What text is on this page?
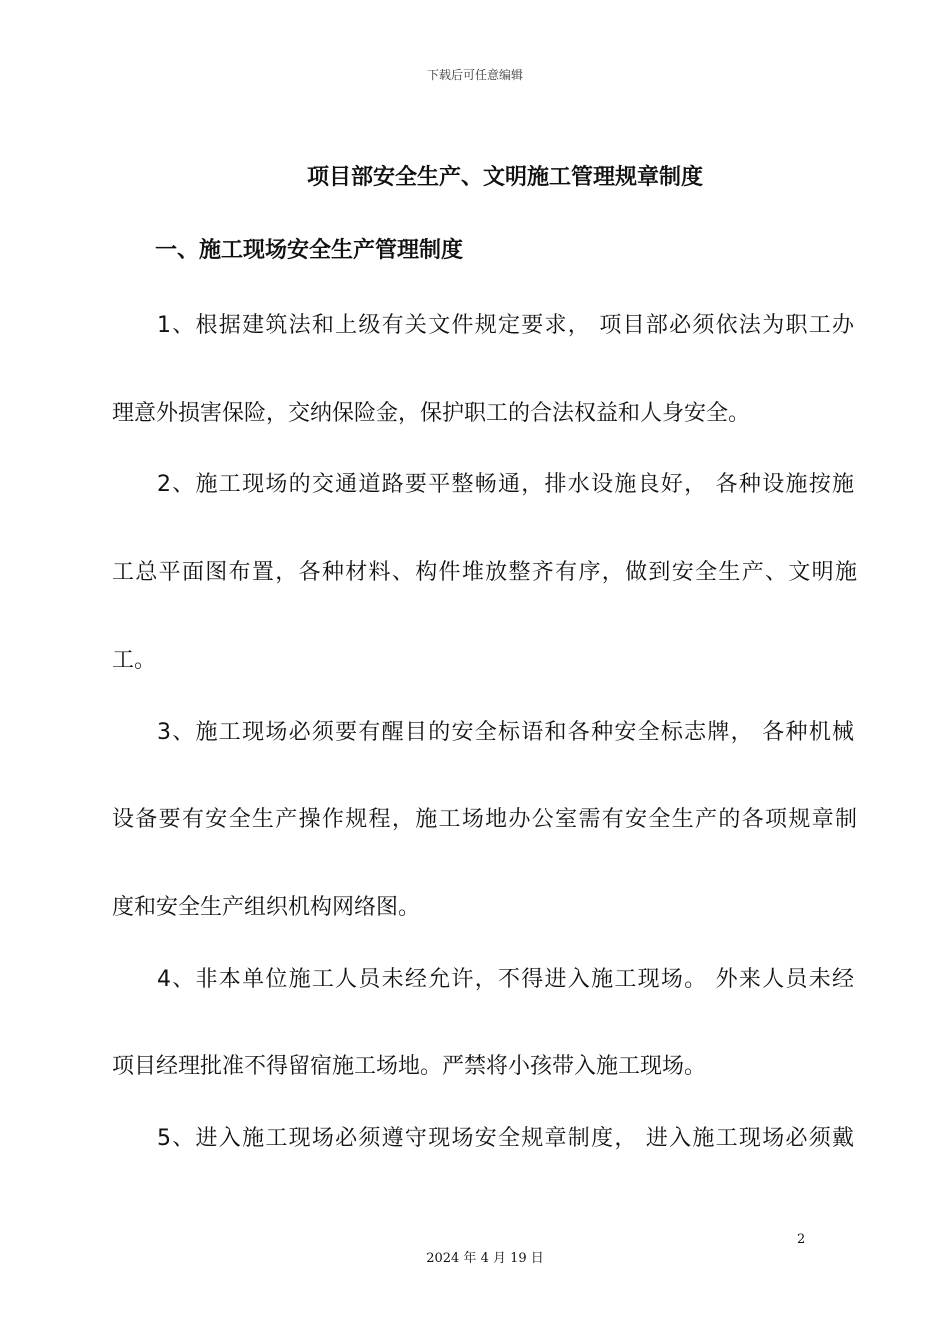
下载后可任意编辑
项目部安全生产、文明施工管理规章制度
一、施工现场安全生产管理制度
1、根据建筑法和上级有关文件规定要求， 项目部必须依法为职工办
理意外损害保险，交纳保险金，保护职工的合法权益和人身安全。
2、施工现场的交通道路要平整畅通，排水设施良好， 各种设施按施
工总平面图布置，各种材料、构件堆放整齐有序，做到安全生产、文明施
工。
3、施工现场必须要有醒目的安全标语和各种安全标志牌， 各种机械
设备要有安全生产操作规程，施工场地办公室需有安全生产的各项规章制
度和安全生产组织机构网络图。
4、非本单位施工人员未经允许，不得进入施工现场。 外来人员未经
项目经理批准不得留宿施工场地。严禁将小孩带入施工现场。
5、进入施工现场必须遵守现场安全规章制度， 进入施工现场必须戴
2
2024 年 4 月 19 日
